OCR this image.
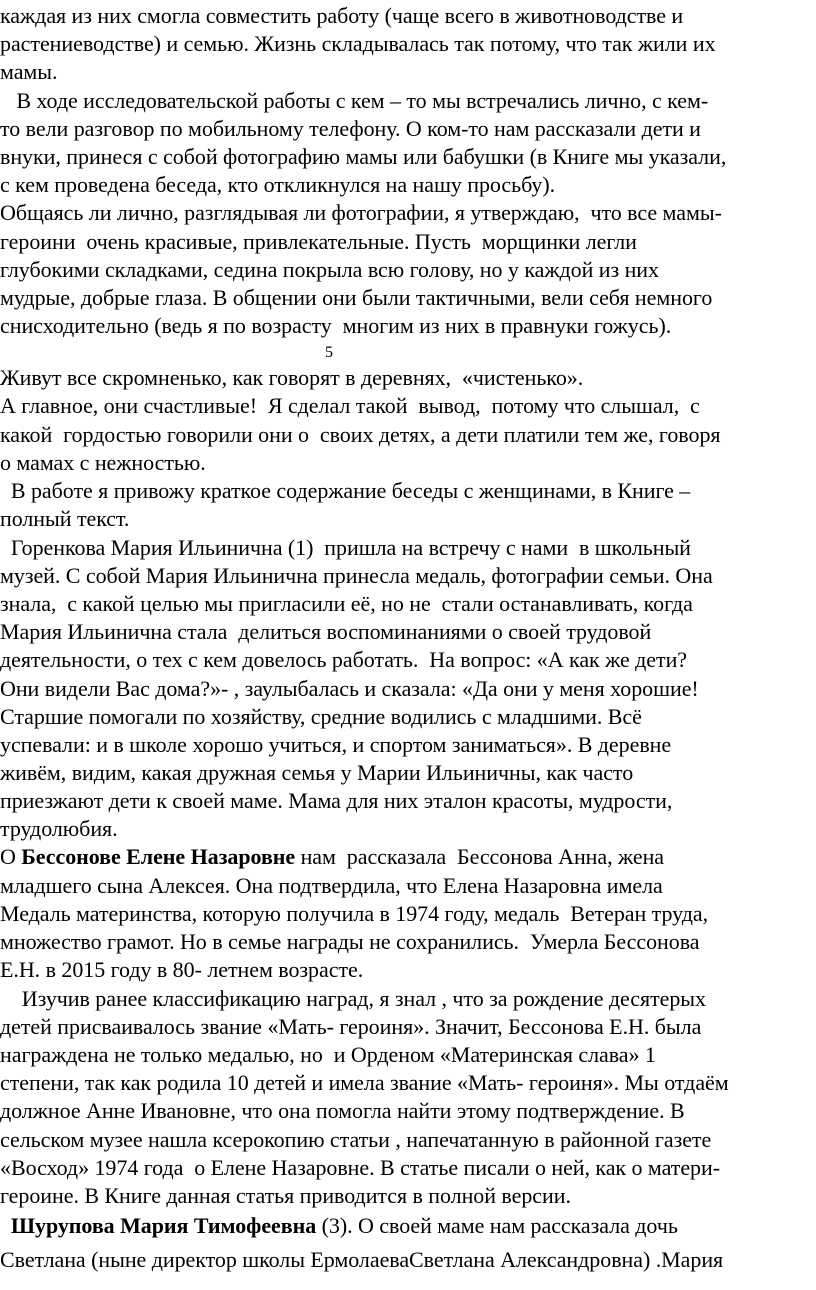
каждая из них смогла совместить работу (чаще всего в животноводстве и
растениеводстве) и семью. Жизнь складывалась так потому, что так жили их
мамы.
В ходе исследовательской работы с кем – то мы встречались лично, с кем-
то вели разговор по мобильному телефону. О ком-то нам рассказали дети и
внуки, принеся с собой фотографию мамы или бабушки (в Книге мы указали,
с кем проведена беседа, кто откликнулся на нашу просьбу).
Общаясь ли лично, разглядывая ли фотографии, я утверждаю,  что все мамы-
героини  очень красивые, привлекательные. Пусть  морщинки легли
глубокими складками, седина покрыла всю голову, но у каждой из них
мудрые, добрые глаза. В общении они были тактичными, вели себя немного
снисходительно (ведь я по возрасту  многим из них в правнуки гожусь).
5
Живут все скромненько, как говорят в деревнях,  «чистенько».
А главное, они счастливые!  Я сделал такой  вывод,  потому что слышал,  с
какой  гордостью говорили они о  своих детях, а дети платили тем же, говоря
о мамах с нежностью.
В работе я привожу краткое содержание беседы с женщинами, в Книге –
полный текст.
Горенкова Мария Ильинична (1)  пришла на встречу с нами  в школьный
музей. С собой Мария Ильинична принесла медаль, фотографии семьи. Она
знала,  с какой целью мы пригласили её, но не  стали останавливать, когда
Мария Ильинична стала  делиться воспоминаниями о своей трудовой
деятельности, о тех с кем довелось работать.  На вопрос: «А как же дети?
Они видели Вас дома?»- , заулыбалась и сказала: «Да они у меня хорошие!
Старшие помогали по хозяйству, средние водились с младшими. Всё
успевали: и в школе хорошо учиться, и спортом заниматься». В деревне
живём, видим, какая дружная семья у Марии Ильиничны, как часто
приезжают дети к своей маме. Мама для них эталон красоты, мудрости,
трудолюбия.
О Бессонове Елене Назаровне нам  рассказала  Бессонова Анна, жена
младшего сына Алексея. Она подтвердила, что Елена Назаровна имела
Медаль материнства, которую получила в 1974 году, медаль  Ветеран труда,
множество грамот. Но в семье награды не сохранились.  Умерла Бессонова
Е.Н. в 2015 году в 80- летнем возрасте.
Изучив ранее классификацию наград, я знал , что за рождение десятерых
детей присваивалось звание «Мать- героиня». Значит, Бессонова Е.Н. была
награждена не только медалью, но  и Орденом «Материнская слава» 1
степени, так как родила 10 детей и имела звание «Мать- героиня». Мы отдаём
должное Анне Ивановне, что она помогла найти этому подтверждение. В
сельском музее нашла ксерокопию статьи , напечатанную в районной газете
«Восход» 1974 года  о Елене Назаровне. В статье писали о ней, как о матери-
героине. В Книге данная статья приводится в полной версии.
Шурупова Мария Тимофеевна (3). О своей маме нам рассказала дочь
Светлана (ныне директор школы ЕрмолаеваСветлана Александровна) .Мария
